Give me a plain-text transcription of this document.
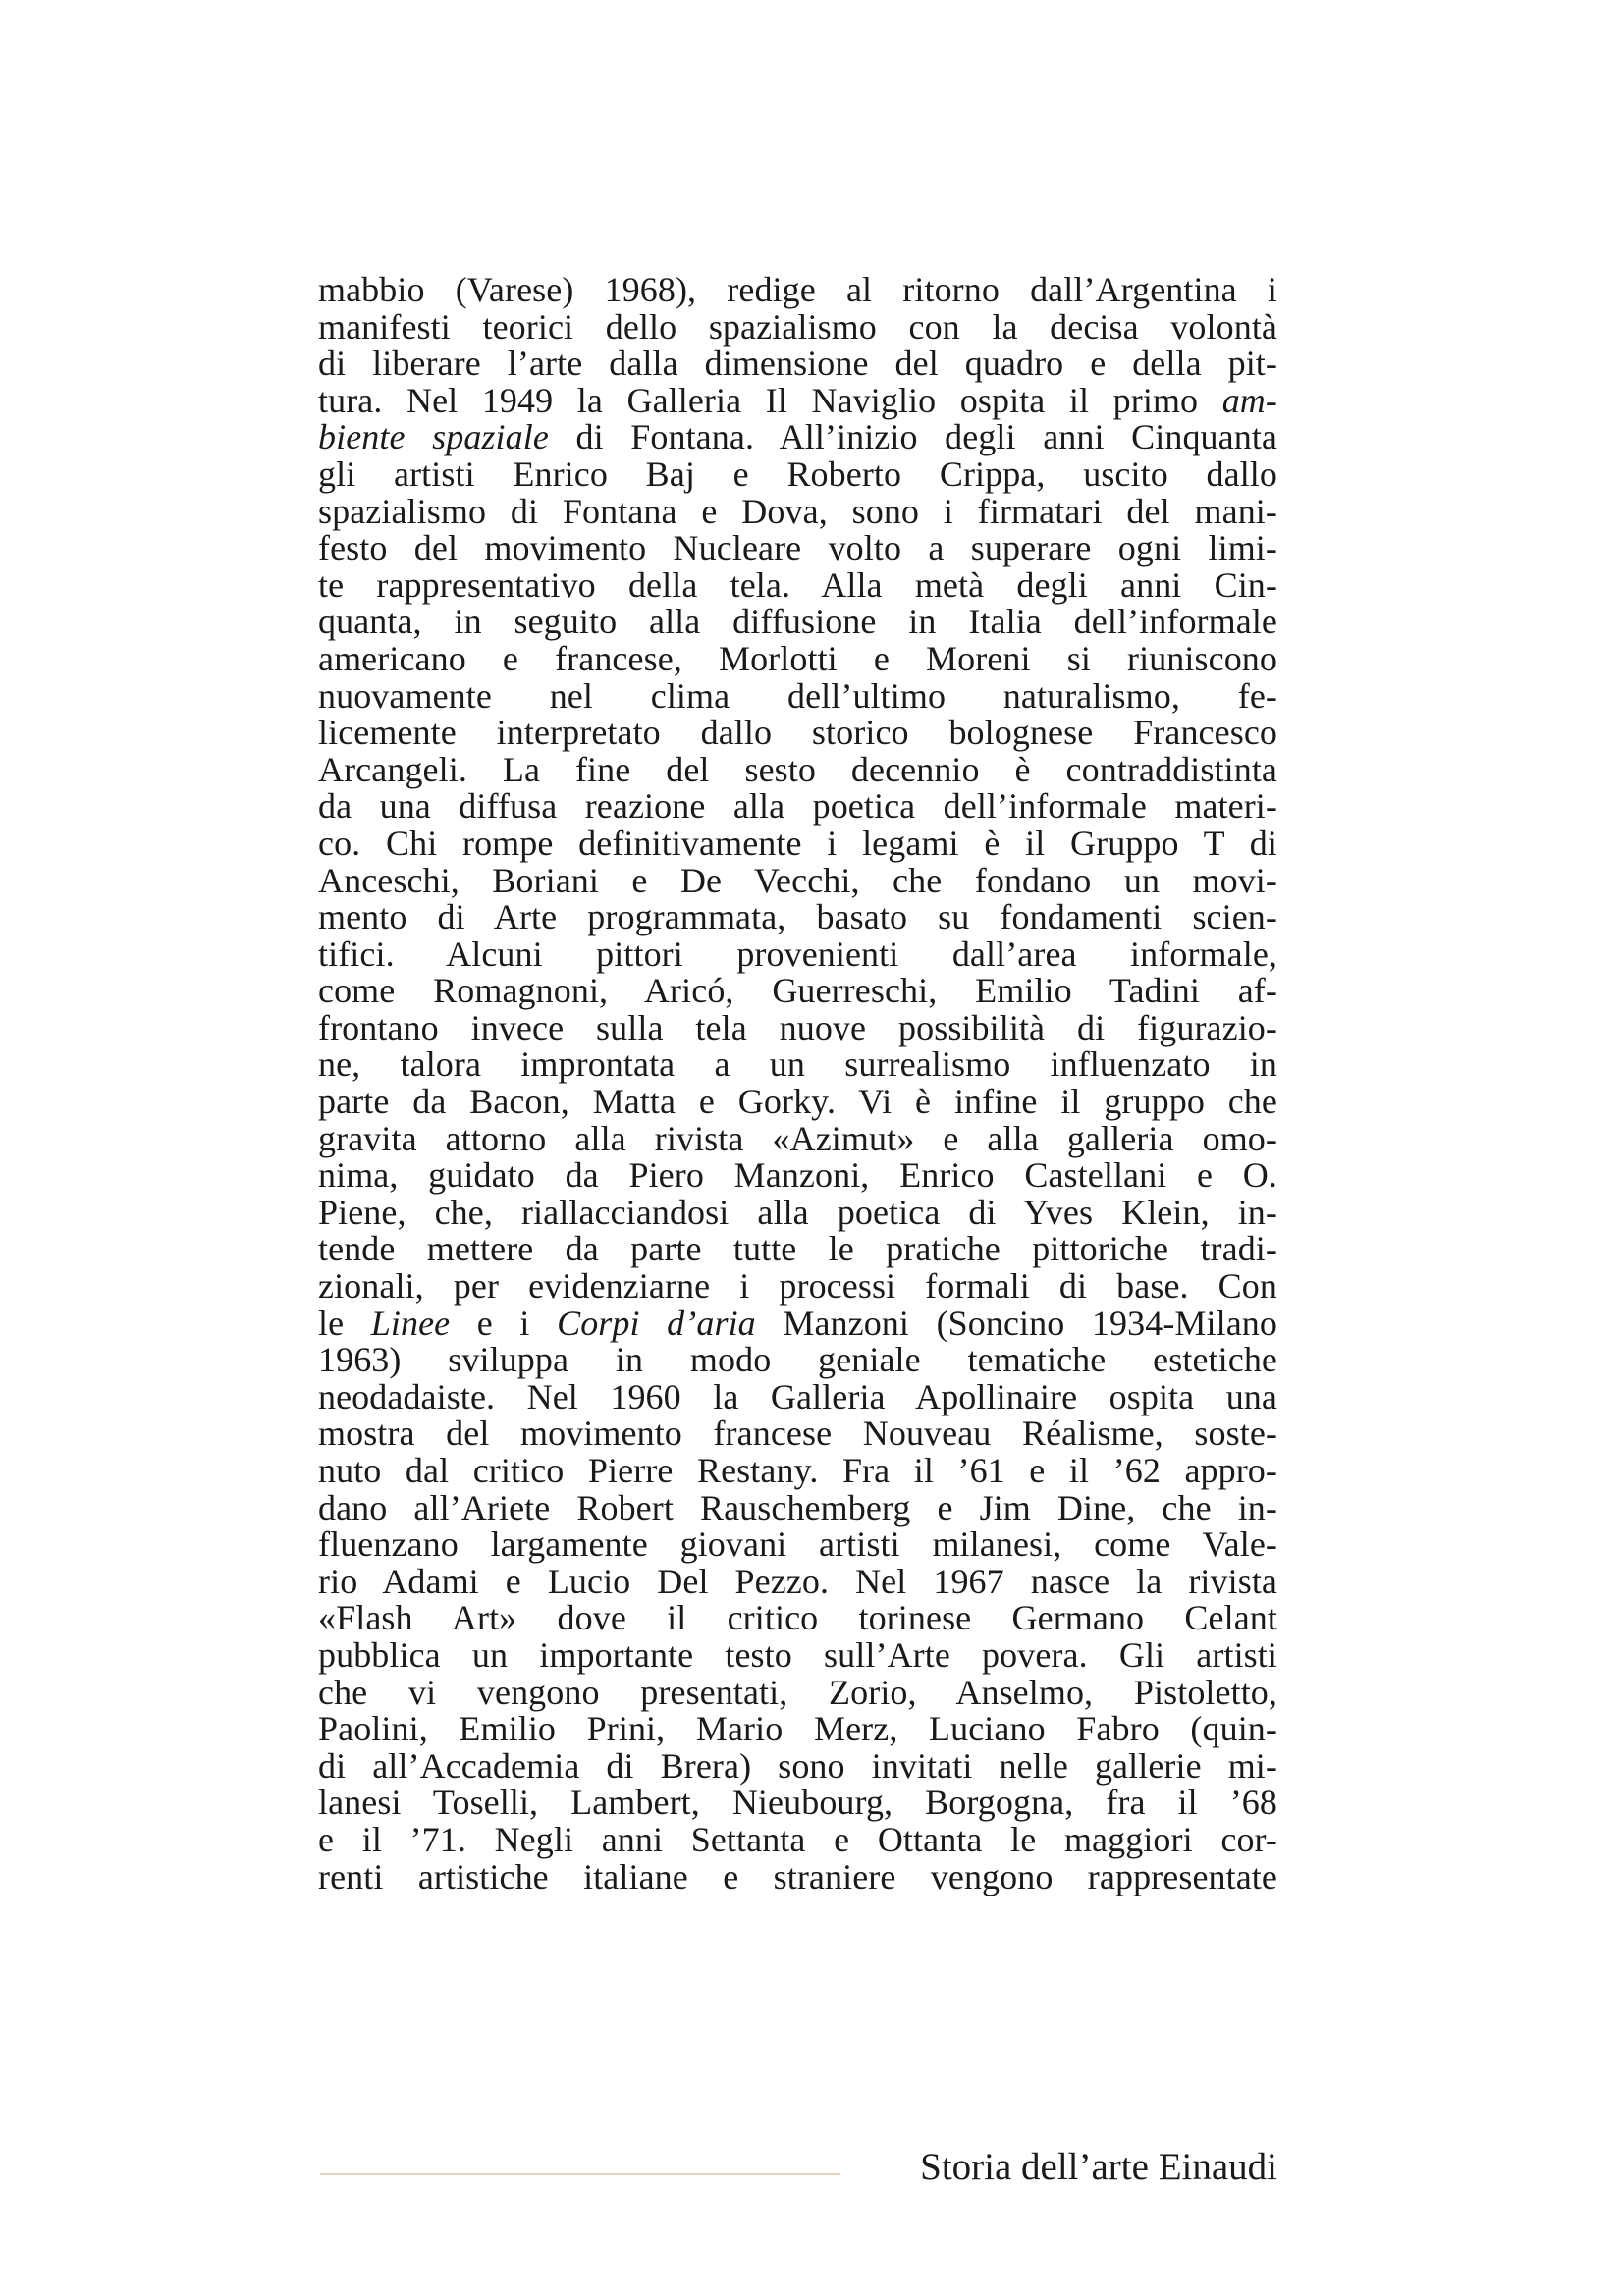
mabbio (Varese) 1968), redige al ritorno dall’Argentina i
manifesti teorici dello spazialismo con la decisa volontà
di liberare l’arte dalla dimensione del quadro e della pit-
tura. Nel 1949 la Galleria Il Naviglio ospita il primo am-
biente spaziale di Fontana. All’inizio degli anni Cinquanta
gli artisti Enrico Baj e Roberto Crippa, uscito dallo
spazialismo di Fontana e Dova, sono i firmatari del mani-
festo del movimento Nucleare volto a superare ogni limi-
te rappresentativo della tela. Alla metà degli anni Cin-
quanta, in seguito alla diffusione in Italia dell’informale
americano e francese, Morlotti e Moreni si riuniscono
nuovamente nel clima dell’ultimo naturalismo, fe-
licemente interpretato dallo storico bolognese Francesco
Arcangeli. La fine del sesto decennio è contraddistinta
da una diffusa reazione alla poetica dell’informale materi-
co. Chi rompe definitivamente i legami è il Gruppo T di
Anceschi, Boriani e De Vecchi, che fondano un movi-
mento di Arte programmata, basato su fondamenti scien-
tifici. Alcuni pittori provenienti dall’area informale,
come Romagnoni, Aricó, Guerreschi, Emilio Tadini af-
frontano invece sulla tela nuove possibilità di figurazio-
ne, talora improntata a un surrealismo influenzato in
parte da Bacon, Matta e Gorky. Vi è infine il gruppo che
gravita attorno alla rivista «Azimut» e alla galleria omo-
nima, guidato da Piero Manzoni, Enrico Castellani e O.
Piene, che, riallacciandosi alla poetica di Yves Klein, in-
tende mettere da parte tutte le pratiche pittoriche tradi-
zionali, per evidenziarne i processi formali di base. Con
le Linee e i Corpi d’aria Manzoni (Soncino 1934-Milano
1963) sviluppa in modo geniale tematiche estetiche
neodadaiste. Nel 1960 la Galleria Apollinaire ospita una
mostra del movimento francese Nouveau Réalisme, soste-
nuto dal critico Pierre Restany. Fra il ’61 e il ’62 appro-
dano all’Ariete Robert Rauschemberg e Jim Dine, che in-
fluenzano largamente giovani artisti milanesi, come Vale-
rio Adami e Lucio Del Pezzo. Nel 1967 nasce la rivista
«Flash Art» dove il critico torinese Germano Celant
pubblica un importante testo sull’Arte povera. Gli artisti
che vi vengono presentati, Zorio, Anselmo, Pistoletto,
Paolini, Emilio Prini, Mario Merz, Luciano Fabro (quin-
di all’Accademia di Brera) sono invitati nelle gallerie mi-
lanesi Toselli, Lambert, Nieubourg, Borgogna, fra il ’68
e il ’71. Negli anni Settanta e Ottanta le maggiori cor-
renti artistiche italiane e straniere vengono rappresentate
Storia dell’arte Einaudi
